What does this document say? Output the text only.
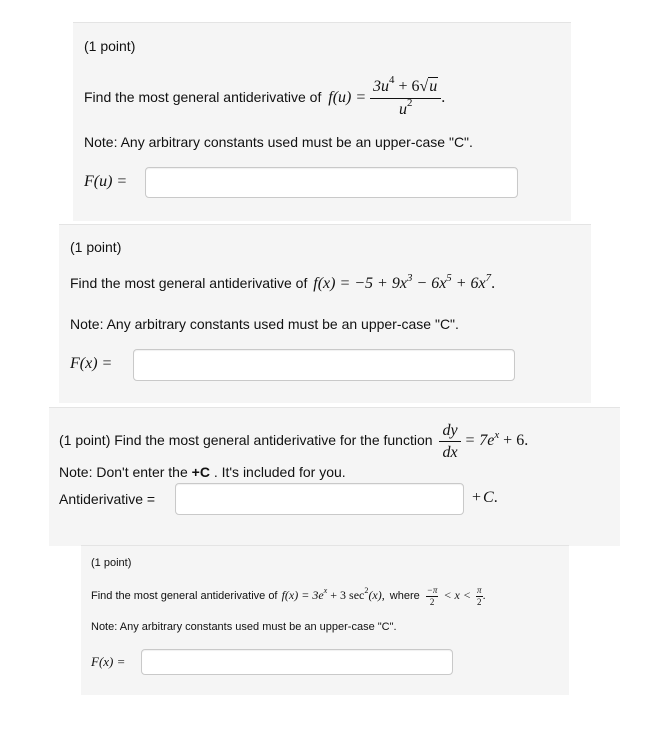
(1 point)
Find the most general antiderivative of $f(u) = \frac{3u^4 + 6√u}{u^2}$ .
Note: Any arbitrary constants used must be an upper-case "C".
F(u) =
(1 point)
Find the most general antiderivative of $f(x) = -5 + 9x^3 - 6x^5 + 6x^7$.
Note: Any arbitrary constants used must be an upper-case "C".
F(x) =
(1 point) Find the most general antiderivative for the function $\frac{dy}{dx} = 7e^x + 6$.
Note: Don't enter the +C . It's included for you.
Antiderivative =	+ C.
(1 point)
Find the most general antiderivative of $f(x) = 3e^x + 3$ $\sec^2(x)$, where $\frac{-\pi}{2} < x < \frac{\pi}{2}$ .
Note: Any arbitrary constants used must be an upper-case "C".
F(x) =
